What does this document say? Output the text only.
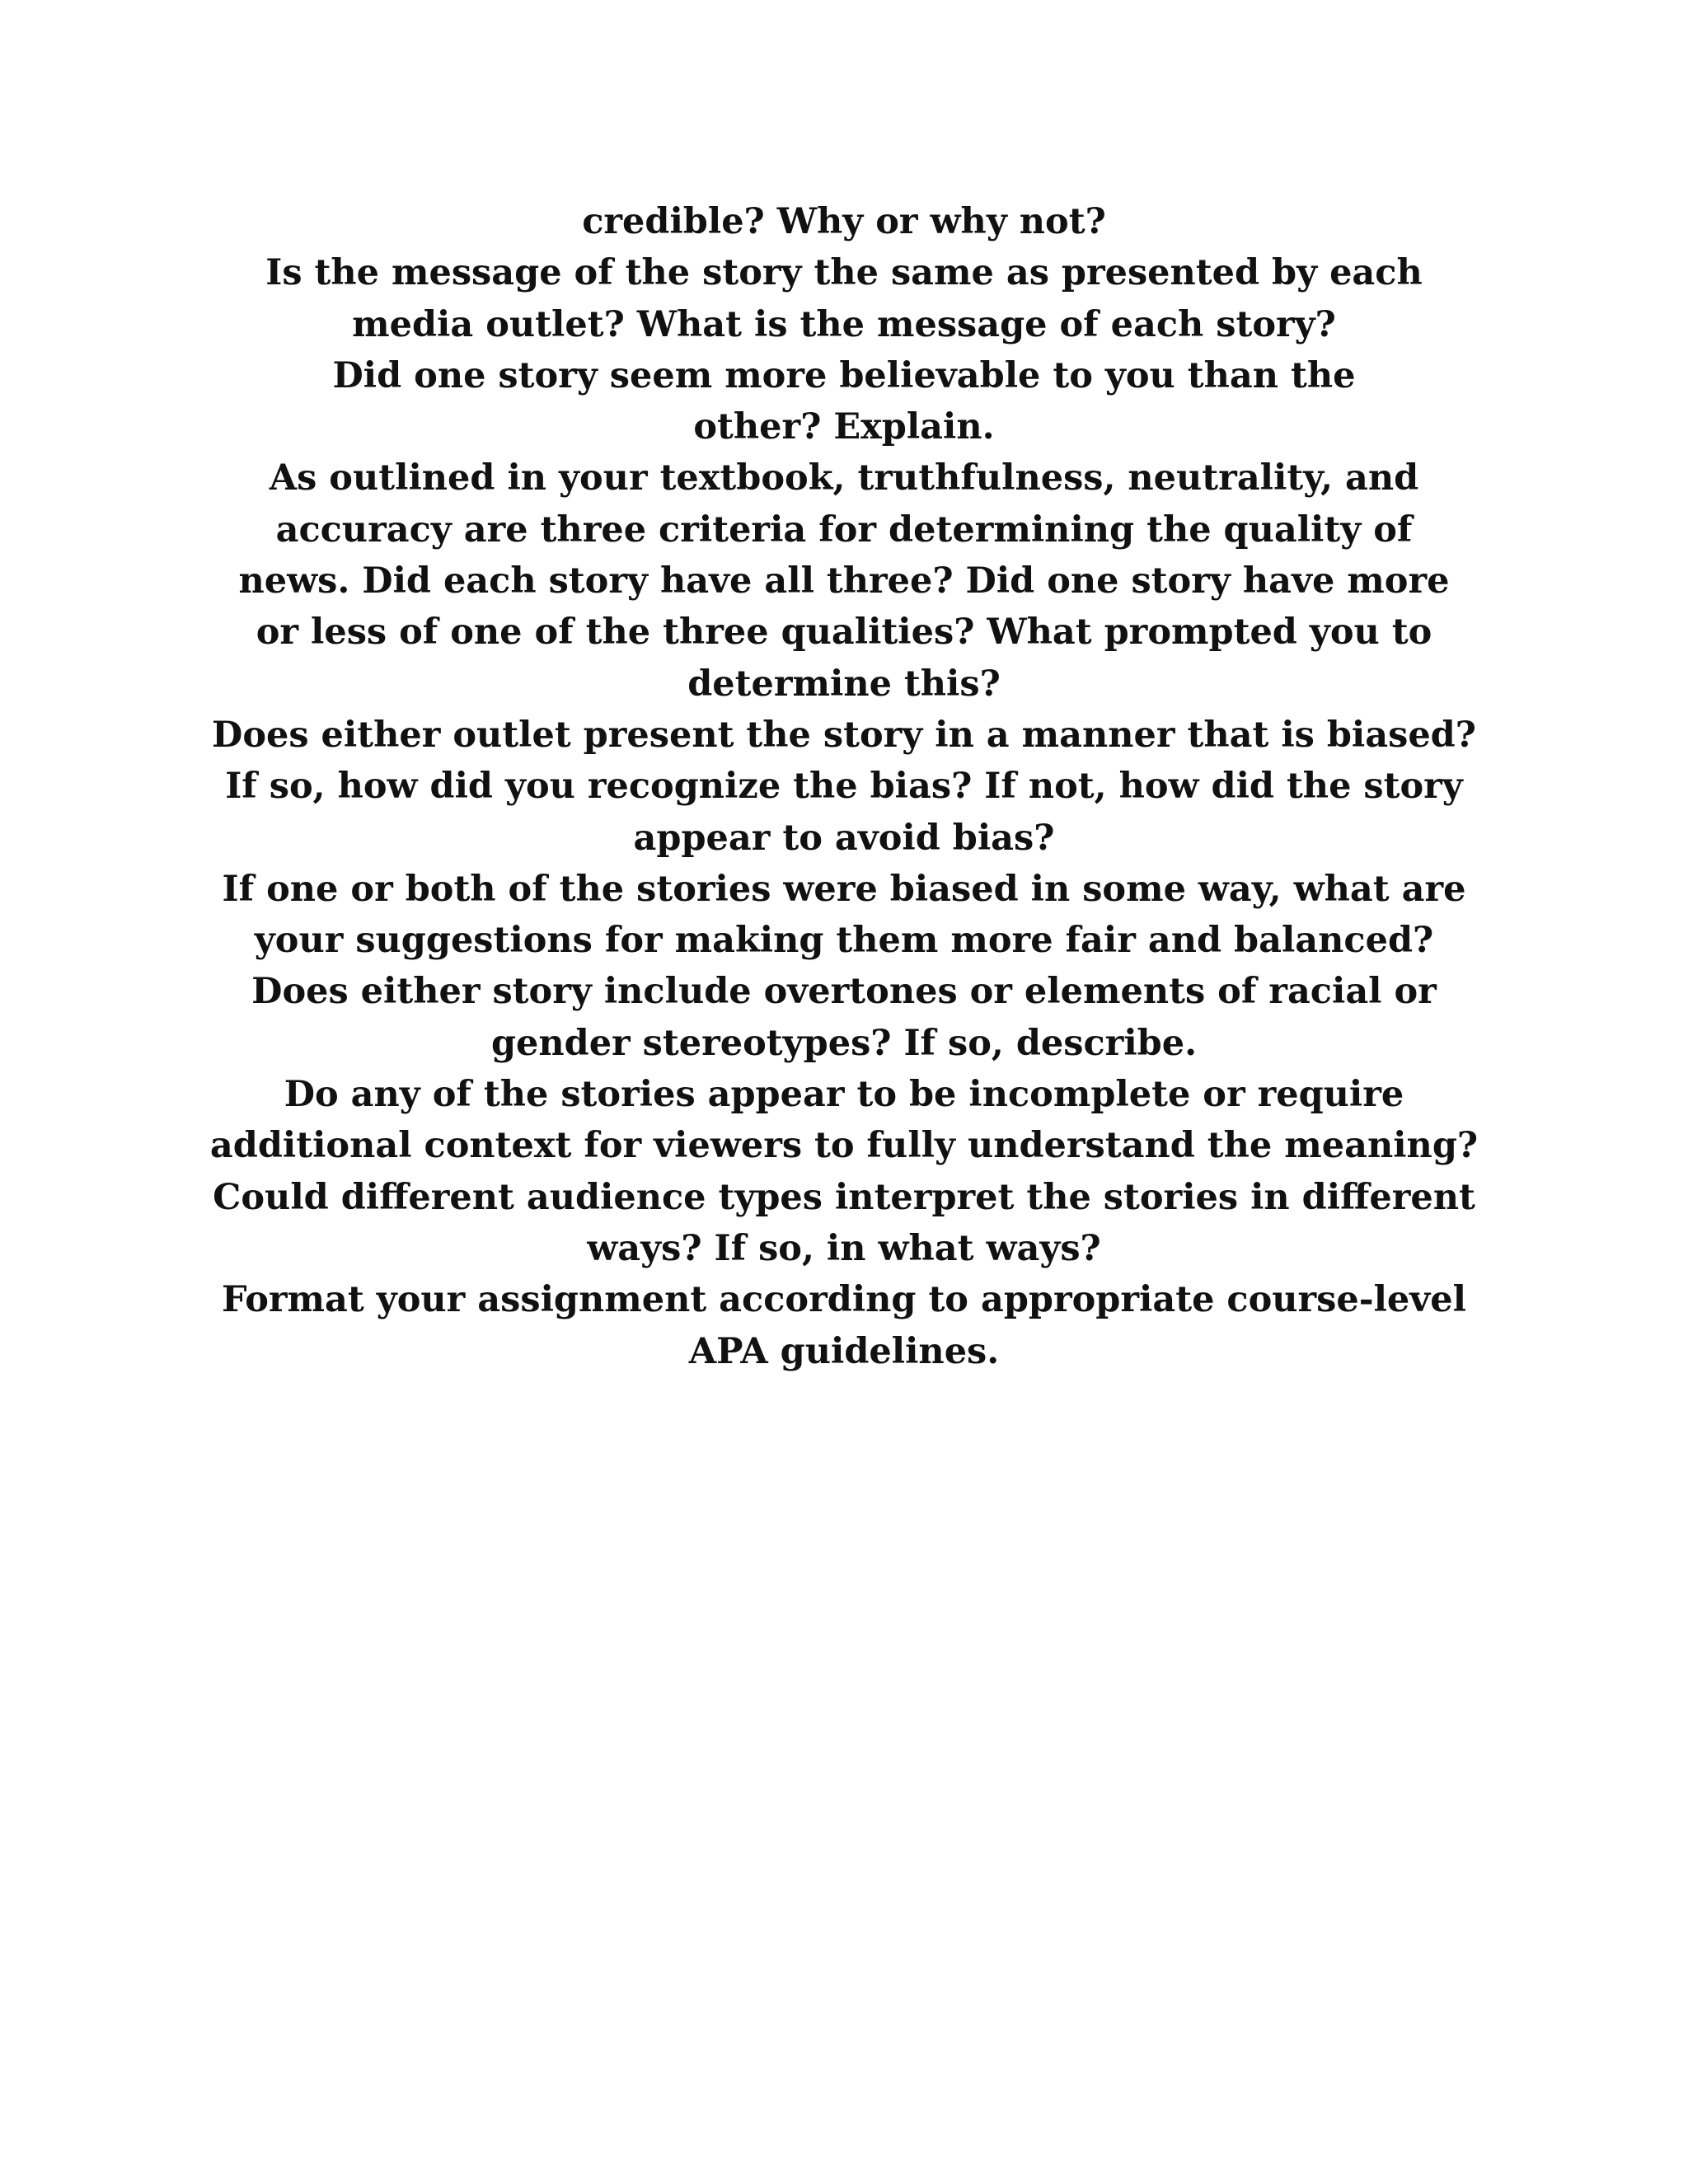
credible? Why or why not?
Is the message of the story the same as presented by each
media outlet? What is the message of each story?
Did one story seem more believable to you than the
other? Explain.
As outlined in your textbook, truthfulness, neutrality, and
accuracy are three criteria for determining the quality of
news. Did each story have all three? Did one story have more
or less of one of the three qualities? What prompted you to
determine this?
Does either outlet present the story in a manner that is biased?
If so, how did you recognize the bias? If not, how did the story
appear to avoid bias?
If one or both of the stories were biased in some way, what are
your suggestions for making them more fair and balanced?
Does either story include overtones or elements of racial or
gender stereotypes? If so, describe.
Do any of the stories appear to be incomplete or require
additional context for viewers to fully understand the meaning?
Could different audience types interpret the stories in different
ways? If so, in what ways?
Format your assignment according to appropriate course-level
APA guidelines.
